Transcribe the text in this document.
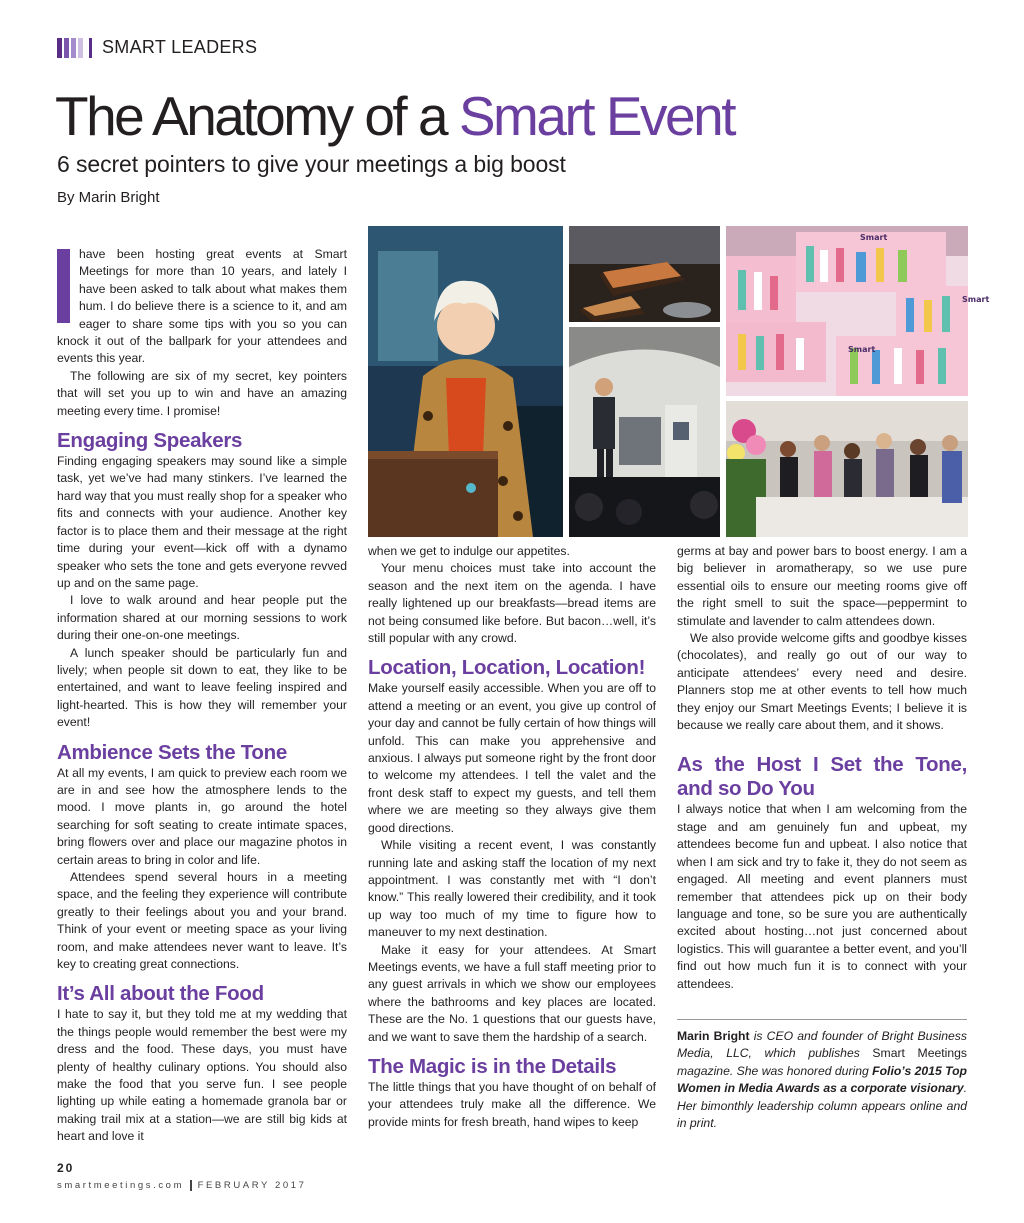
SMART LEADERS
The Anatomy of a Smart Event
6 secret pointers to give your meetings a big boost
By Marin Bright

have been hosting great events at Smart Meetings for more than 10 years, and lately I have been asked to talk about what makes them hum. I do believe there is a science to it, and am eager to share some tips with you so you can knock it out of the ballpark for your attendees and events this year.

The following are six of my secret, key pointers that will set you up to win and have an amazing meeting every time. I promise!

Engaging Speakers

Finding engaging speakers may sound like a simple task, yet we’ve had many stinkers. I’ve learned the hard way that you must really shop for a speaker who fits and connects with your audience. Another key factor is to place them and their message at the right time during your event—kick off with a dynamo speaker who sets the tone and gets everyone revved up and on the same page.

I love to walk around and hear people put the information shared at our morning sessions to work during their one-on-one meetings.

A lunch speaker should be particularly fun and lively; when people sit down to eat, they like to be entertained, and want to leave feeling inspired and light-hearted. This is how they will remember your event!

Ambience Sets the Tone

At all my events, I am quick to preview each room we are in and see how the atmosphere lends to the mood. I move plants in, go around the hotel searching for soft seating to create intimate spaces, bring flowers over and place our magazine photos in certain areas to bring in color and life.

Attendees spend several hours in a meeting space, and the feeling they experience will contribute greatly to their feelings about you and your brand. Think of your event or meeting space as your living room, and make attendees never want to leave. It’s key to creating great connections.

It’s All about the Food

I hate to say it, but they told me at my wedding that the things people would remember the best were my dress and the food. These days, you must have plenty of healthy culinary options. You should also make the food that you serve fun. I see people lighting up while eating a homemade granola bar or making trail mix at a station—we are still big kids at heart and love it

when we get to indulge our appetites.

Your menu choices must take into account the season and the next item on the agenda. I have really lightened up our breakfasts—bread items are not being consumed like before. But bacon…well, it’s still popular with any crowd.

Location, Location, Location!

Make yourself easily accessible. When you are off to attend a meeting or an event, you give up control of your day and cannot be fully certain of how things will unfold. This can make you apprehensive and anxious. I always put someone right by the front door to welcome my attendees. I tell the valet and the front desk staff to expect my guests, and tell them where we are meeting so they always give them good directions.

While visiting a recent event, I was constantly running late and asking staff the location of my next appointment. I was constantly met with “I don’t know.” This really lowered their credibility, and it took up way too much of my time to figure how to maneuver to my next destination.

Make it easy for your attendees. At Smart Meetings events, we have a full staff meeting prior to any guest arrivals in which we show our employees where the bathrooms and key places are located. These are the No. 1 questions that our guests have, and we want to save them the hardship of a search.

The Magic is in the Details

The little things that you have thought of on behalf of your attendees truly make all the difference. We provide mints for fresh breath, hand wipes to keep

germs at bay and power bars to boost energy. I am a big believer in aromatherapy, so we use pure essential oils to ensure our meeting rooms give off the right smell to suit the space—peppermint to stimulate and lavender to calm attendees down.

We also provide welcome gifts and goodbye kisses (chocolates), and really go out of our way to anticipate attendees’ every need and desire. Planners stop me at other events to tell how much they enjoy our Smart Meetings Events; I believe it is because we really care about them, and it shows.

As the Host I Set the Tone, and so Do You

I always notice that when I am welcoming from the stage and am genuinely fun and upbeat, my attendees become fun and upbeat. I also notice that when I am sick and try to fake it, they do not seem as engaged. All meeting and event planners must remember that attendees pick up on their body language and tone, so be sure you are authentically excited about hosting…not just concerned about logistics. This will guarantee a better event, and you’ll find out how much fun it is to connect with your attendees.

Marin Bright is CEO and founder of Bright Business Media, LLC, which publishes Smart Meetings magazine. She was honored during Folio’s 2015 Top Women in Media Awards as a corporate visionary. Her bimonthly leadership column appears online and in print.
Smart
Smart
Smart
20
smartmeetings.com FEBRUARY 2017
